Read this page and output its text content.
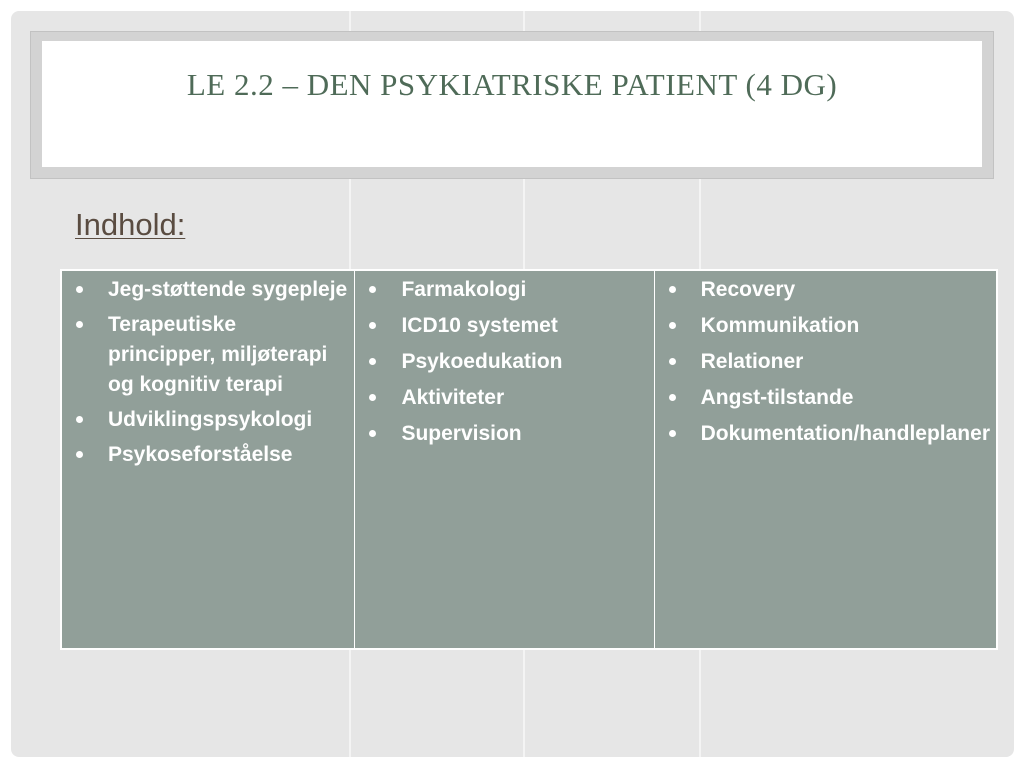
LE 2.2 – DEN PSYKIATRISKE PATIENT (4 DG)
Indhold:
Jeg-støttende sygepleje
Terapeutiske principper, miljøterapi og kognitiv terapi
Udviklingspsykologi
Psykoseforståelse
Farmakologi
ICD10 systemet
Psykoedukation
Aktiviteter
Supervision
Recovery
Kommunikation
Relationer
Angst-tilstande
Dokumentation/handleplaner
